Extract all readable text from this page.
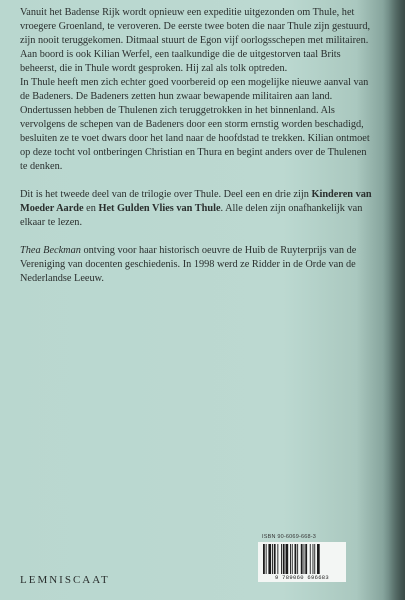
Vanuit het Badense Rijk wordt opnieuw een expeditie uitgezonden om Thule, het vroegere Groenland, te veroveren. De eerste twee boten die naar Thule zijn gestuurd, zijn nooit teruggekomen. Ditmaal stuurt de Egon vijf oorlogsschepen met militairen. Aan boord is ook Kilian Werfel, een taalkundige die de uitgestorven taal Brits beheerst, die in Thule wordt gesproken. Hij zal als tolk optreden.

In Thule heeft men zich echter goed voorbereid op een mogelijke nieuwe aanval van de Badeners. De Badeners zetten hun zwaar bewapende militairen aan land. Ondertussen hebben de Thulenen zich teruggetrokken in het binnenland. Als vervolgens de schepen van de Badeners door een storm ernstig worden beschadigd, besluiten ze te voet dwars door het land naar de hoofdstad te trekken. Kilian ontmoet op deze tocht vol ontberingen Christian en Thura en begint anders over de Thulenen te denken.

Dit is het tweede deel van de trilogie over Thule. Deel een en drie zijn Kinderen van Moeder Aarde en Het Gulden Vlies van Thule. Alle delen zijn onafhankelijk van elkaar te lezen.

Thea Beckman ontving voor haar historisch oeuvre de Huib de Ruyterprijs van de Vereniging van docenten geschiedenis. In 1998 werd ze Ridder in de Orde van de Nederlandse Leeuw.

ISBN 90-6069-668-3
9 789060 696683
LEMNISCAAT
